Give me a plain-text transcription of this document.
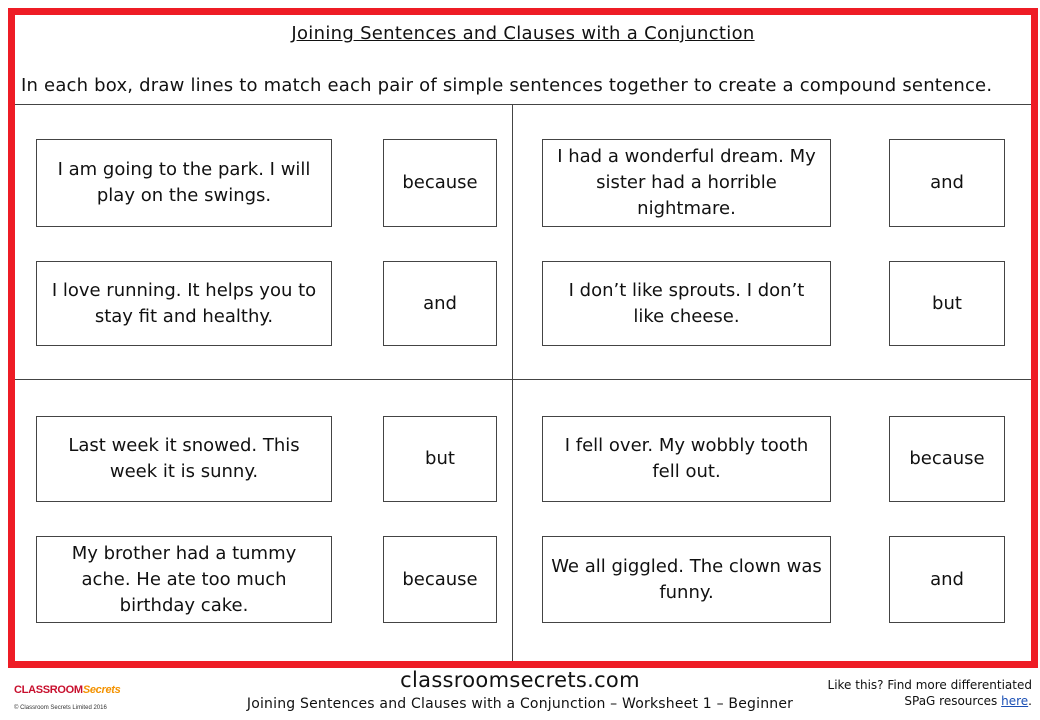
Joining Sentences and Clauses with a Conjunction
In each box, draw lines to match each pair of simple sentences together to create a compound sentence.
I am going to the park. I will play on the swings.
because
I love running. It helps you to stay fit and healthy.
and
I had a wonderful dream. My sister had a horrible nightmare.
and
I don’t like sprouts. I don’t like cheese.
but
Last week it snowed. This week it is sunny.
but
My brother had a tummy ache. He ate too much birthday cake.
because
I fell over. My wobbly tooth fell out.
because
We all giggled. The clown was funny.
and
CLASSROOMSecrets
© Classroom Secrets Limited 2016
classroomsecrets.com
Joining Sentences and Clauses with a Conjunction – Worksheet 1 – Beginner
Like this? Find more differentiated
SPaG resources here.
